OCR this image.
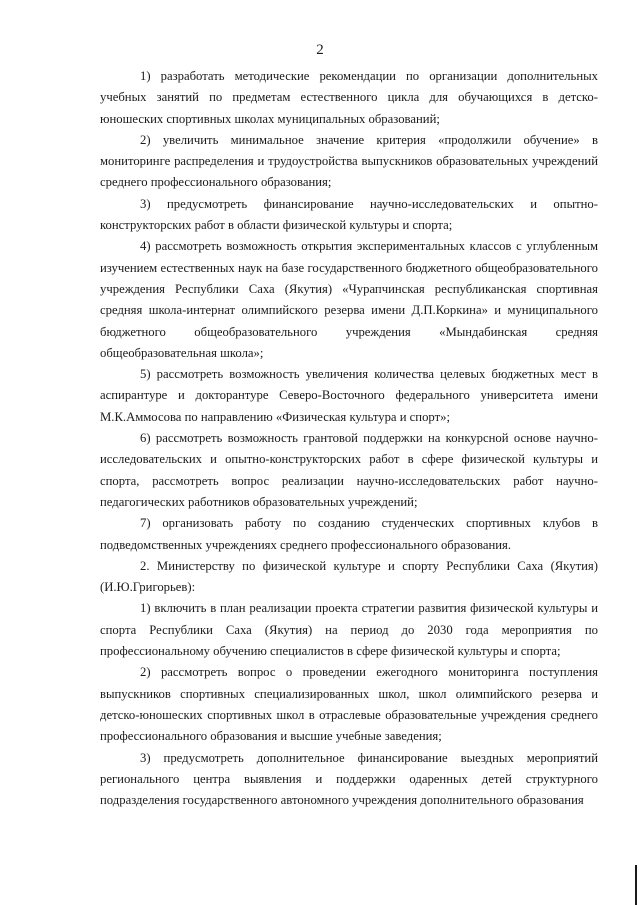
2

1) разработать методические рекомендации по организации дополнительных учебных занятий по предметам естественного цикла для обучающихся в детско-юношеских спортивных школах муниципальных образований;

2) увеличить минимальное значение критерия «продолжили обучение» в мониторинге распределения и трудоустройства выпускников образовательных учреждений среднего профессионального образования;

3) предусмотреть финансирование научно-исследовательских и опытно-конструкторских работ в области физической культуры и спорта;

4) рассмотреть возможность открытия экспериментальных классов с углубленным изучением естественных наук на базе государственного бюджетного общеобразовательного учреждения Республики Саха (Якутия) «Чурапчинская республиканская спортивная средняя школа-интернат олимпийского резерва имени Д.П.Коркина» и муниципального бюджетного общеобразовательного учреждения «Мындабинская средняя общеобразовательная школа»;

5) рассмотреть возможность увеличения количества целевых бюджетных мест в аспирантуре и докторантуре Северо-Восточного федерального университета имени М.К.Аммосова по направлению «Физическая культура и спорт»;

6) рассмотреть возможность грантовой поддержки на конкурсной основе научно-исследовательских и опытно-конструкторских работ в сфере физической культуры и спорта, рассмотреть вопрос реализации научно-исследовательских работ научно-педагогических работников образовательных учреждений;

7) организовать работу по созданию студенческих спортивных клубов в подведомственных учреждениях среднего профессионального образования.

2. Министерству по физической культуре и спорту Республики Саха (Якутия) (И.Ю.Григорьев):

1) включить в план реализации проекта стратегии развития физической культуры и спорта Республики Саха (Якутия) на период до 2030 года мероприятия по профессиональному обучению специалистов в сфере физической культуры и спорта;

2) рассмотреть вопрос о проведении ежегодного мониторинга поступления выпускников спортивных специализированных школ, школ олимпийского резерва и детско-юношеских спортивных школ в отраслевые образовательные учреждения среднего профессионального образования и высшие учебные заведения;

3) предусмотреть дополнительное финансирование выездных мероприятий регионального центра выявления и поддержки одаренных детей структурного подразделения государственного автономного учреждения дополнительного образования
